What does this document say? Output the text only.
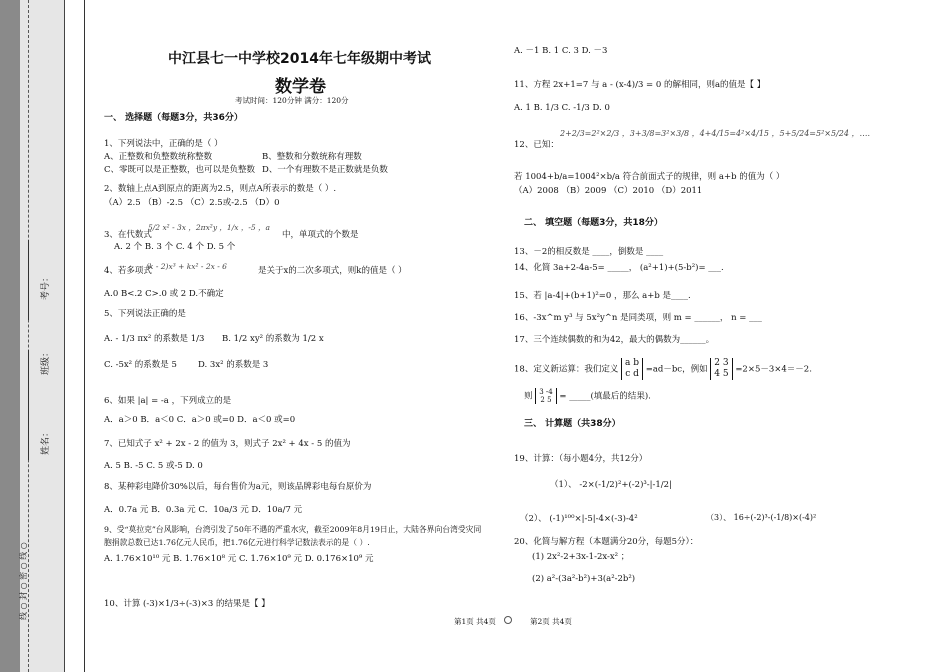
姓名：
班级：
考号：
线 ○ 封 ○ 密 ○ 线 ○
中江县七一中学校2014年七年级期中考试
数学卷
考试时间：120分钟 满分：120分
一、 选择题（每题3分，共36分）
1、下列说法中，正确的是（ ）
A、正整数和负整数统称整数	B、整数和分数统称有理数
C、零既可以是正整数，也可以是负整数 D、一个有理数不是正数就是负数
2、数轴上点A到原点的距离为2.5，则点A所表示的数是（ ）.
（A）2.5 （B）-2.5 （C）2.5或-2.5 （D）0
3、在代数式
5/2 x² - 3x ，2πx²y ，1/x ，-5 ，a
中，单项式的个数是
A. 2 个 B. 3 个 C. 4 个 D. 5 个
4、若多项式
(k - 2)x³ + kx² - 2x - 6	是关于x的二次多项式，则k的值是（ ）
A.0 B<.2 C>.0 或 2 D.不确定
5、下列说法正确的是
A. - 1/3 πx² 的系数是 1/3 B. 1/2 xy² 的系数为 1/2 x
C. -5x² 的系数是 5 D. 3x² 的系数是 3
6、如果 |a| = -a ，下列成立的是
A．a＞0 B．a＜0 C．a＞0 或=0 D．a＜0 或=0
7、已知式子 x² + 2x - 2 的值为 3，则式子 2x² + 4x - 5 的值为
A. 5 B. -5 C. 5 或-5 D. 0
8、某种彩电降价30%以后，每台售价为a元，则该品牌彩电每台原价为
A．0.7a 元 B．0.3a 元 C．10a/3 元 D．10a/7 元
9、受“莫拉克”台风影响，台湾引发了50年不遇的严重水灾，截至2009年8月19日止，大陆各界向台湾受灾同
胞捐款总数已达1.76亿元人民币，把1.76亿元进行科学记数法表示的是（ ）.
A. 1.76×10¹⁰ 元 B. 1.76×10⁸ 元 C. 1.76×10⁹ 元 D. 0.176×10⁹ 元
10、计算 (-3)×1/3÷(-3)×3 的结果是【 】
A. －1 B. 1 C. 3 D. －3
11、方程 2x+1=7 与 a - (x-4)/3 = 0 的解相同，则a的值是【 】
A. 1 B. 1/3 C. -1/3 D. 0
12、已知：
2+2/3=2²×2/3 ，3+3/8=3²×3/8 ，4+4/15=4²×4/15 ，5+5/24=5²×5/24 ，….
若 1004+b/a=1004²×b/a 符合前面式子的规律，则 a+b 的值为（ ）
（A）2008 （B）2009 （C）2010 （D）2011
二、 填空题（每题3分，共18分）
13、－2的相反数是 ____，倒数是 ____
14、化简 3a+2-4a-5= _____， (a²+1)+(5-b²)= ___.
15、若 |a-4|+(b+1)²=0 ，那么 a+b 是____.
16、-3x^m y³ 与 5x²y^n 是同类项，则 m = ______， n = ___
17、三个连续偶数的和为42，最大的偶数为______。
18、定义新运算：我们定义 a b
c d =ad－bc，例如 2 3
4 5 =2×5－3×4＝－2.
则 3 -4
2 5 = _____(填最后的结果).
三、 计算题（共38分）
19、计算：（每小题4分，共12分）
（1）、 -2×(-1/2)²+(-2)³-|-1/2|
（2）、 (-1)¹⁰⁰×|-5|-4×(-3)-4²	（3）、 16÷(-2)³-(-1/8)×(-4)²
20、化简与解方程（本题满分20分，每题5分）：
(1) 2x²-2+3x-1-2x-x² ；
(2) a²-(3a²-b²)+3(a²-2b²)
第1页 共4页	第2页 共4页
